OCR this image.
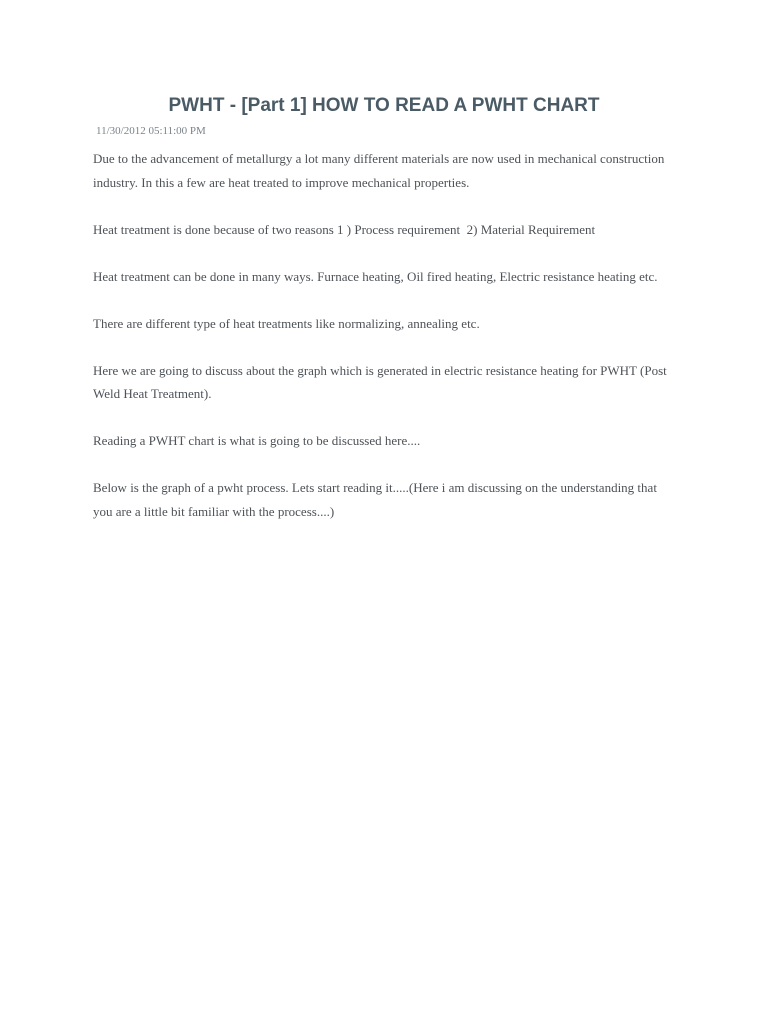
PWHT - [Part 1] HOW TO READ A PWHT CHART
11/30/2012 05:11:00 PM

Due to the advancement of metallurgy a lot many different materials are now used in mechanical construction industry. In this a few are heat treated to improve mechanical properties.

Heat treatment is done because of two reasons 1 ) Process requirement  2) Material Requirement

Heat treatment can be done in many ways. Furnace heating, Oil fired heating, Electric resistance heating etc.

There are different type of heat treatments like normalizing, annealing etc.

Here we are going to discuss about the graph which is generated in electric resistance heating for PWHT (Post Weld Heat Treatment).

Reading a PWHT chart is what is going to be discussed here....

Below is the graph of a pwht process. Lets start reading it.....(Here i am discussing on the understanding that you are a little bit familiar with the process....)
